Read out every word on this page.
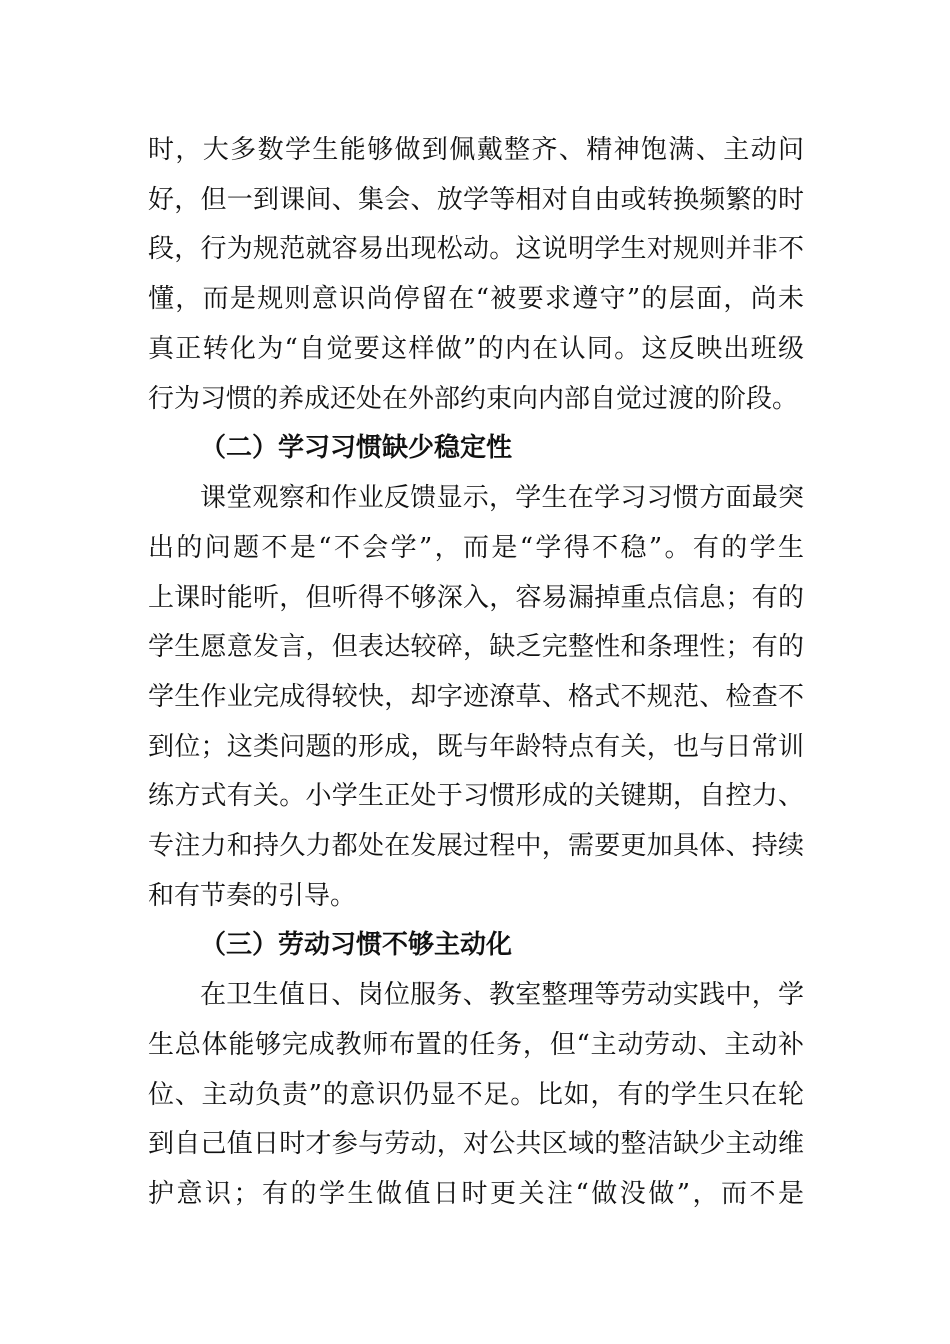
时，大多数学生能够做到佩戴整齐、精神饱满、主动问
好，但一到课间、集会、放学等相对自由或转换频繁的时
段，行为规范就容易出现松动。这说明学生对规则并非不
懂，而是规则意识尚停留在“被要求遵守”的层面，尚未
真正转化为“自觉要这样做”的内在认同。这反映出班级
行为习惯的养成还处在外部约束向内部自觉过渡的阶段。
（二）学习习惯缺少稳定性
课堂观察和作业反馈显示，学生在学习习惯方面最突
出的问题不是“不会学”，而是“学得不稳”。有的学生
上课时能听，但听得不够深入，容易漏掉重点信息；有的
学生愿意发言，但表达较碎，缺乏完整性和条理性；有的
学生作业完成得较快，却字迹潦草、格式不规范、检查不
到位；这类问题的形成，既与年龄特点有关，也与日常训
练方式有关。小学生正处于习惯形成的关键期，自控力、
专注力和持久力都处在发展过程中，需要更加具体、持续
和有节奏的引导。
（三）劳动习惯不够主动化
在卫生值日、岗位服务、教室整理等劳动实践中，学
生总体能够完成教师布置的任务，但“主动劳动、主动补
位、主动负责”的意识仍显不足。比如，有的学生只在轮
到自己值日时才参与劳动，对公共区域的整洁缺少主动维
护意识；有的学生做值日时更关注“做没做”，而不是
